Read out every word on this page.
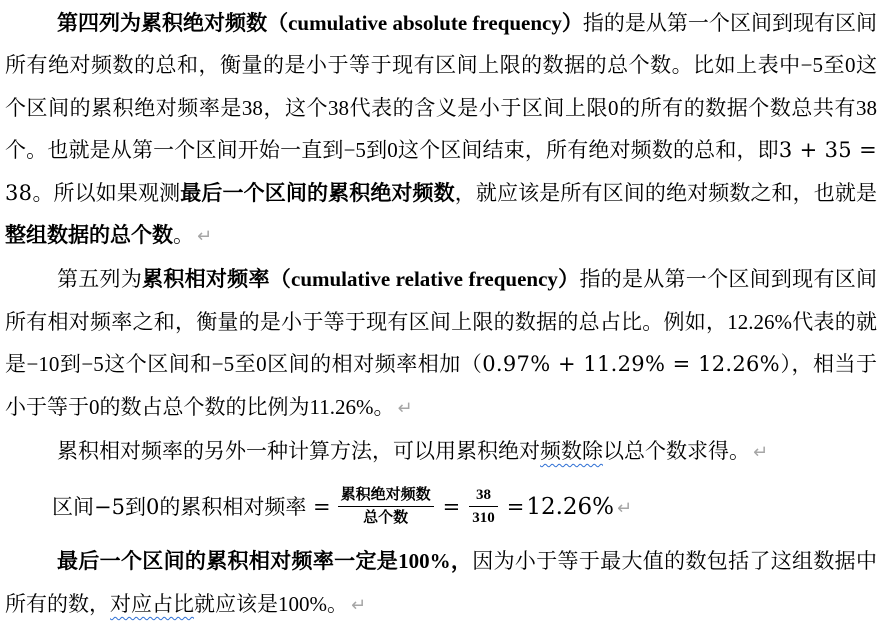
第四列为累积绝对频数（cumulative absolute frequency）指的是从第一个区间到现有区间所有绝对频数的总和，衡量的是小于等于现有区间上限的数据的总个数。比如上表中−5至0这个区间的累积绝对频率是38，这个38代表的含义是小于区间上限0的所有的数据个数总共有38个。也就是从第一个区间开始一直到−5到0这个区间结束，所有绝对频数的总和，即3 + 35 = 38。所以如果观测最后一个区间的累积绝对频数，就应该是所有区间的绝对频数之和，也就是整组数据的总个数。 ↵

第五列为累积相对频率（cumulative relative frequency）指的是从第一个区间到现有区间所有相对频率之和，衡量的是小于等于现有区间上限的数据的总占比。例如，12.26%代表的就是−10到−5这个区间和−5至0区间的相对频率相加（0.97% + 11.29% = 12.26%），相当于小于等于0的数占总个数的比例为11.26%。 ↵

累积相对频率的另外一种计算方法，可以用累积绝对频数除以总个数求得。 ↵

区间−5到0的累积相对频率 = $\frac{\text{累积绝对频数}}{\text{总个数}} = \frac{38}{310} =12.26\%$ ↵

最后一个区间的累积相对频率一定是100%，因为小于等于最大值的数包括了这组数据中所有的数，对应占比就应该是100%。 ↵
